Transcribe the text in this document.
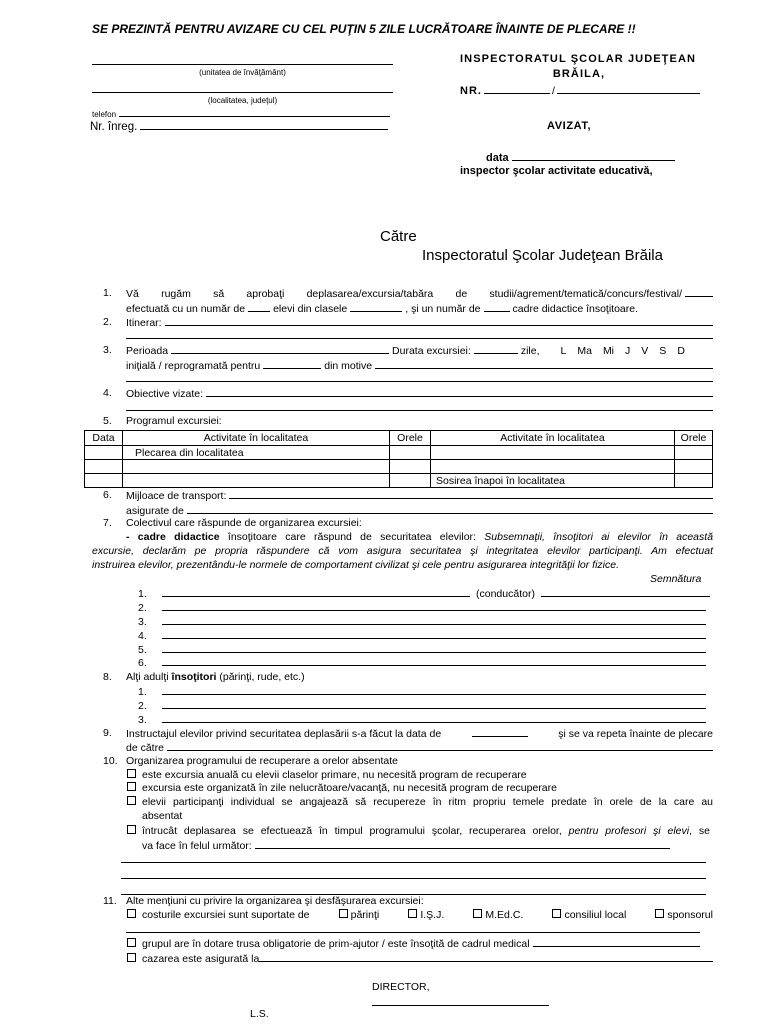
SE PREZINTĂ PENTRU AVIZARE CU CEL PUŢIN 5 ZILE LUCRĂTOARE ÎNAINTE DE PLECARE !!
(unitatea de învăţământ)
(localitatea, judeţul)
telefon
Nr. înreg.
INSPECTORATUL ŞCOLAR JUDEŢEAN
BRĂILA,
NR.	/
AVIZAT,
data
inspector şcolar activitate educativă,
Către
Inspectoratul Şcolar Judeţean Brăila
1. Vă rugăm să aprobaţi deplasarea/excursia/tabăra de studii/agrement/tematică/concurs/festival/
efectuată cu un număr de	elevi din clasele	, şi un număr de	cadre didactice însoţitoare.
2. Itinerar:
3. Perioada	Durata excursiei:	zile, L Ma Mi J V S D
iniţială / reprogramată pentru	din motive
4. Obiective vizate:
5. Programul excursiei:
Data	Activitate în localitatea	Orele	Activitate în localitatea	Orele
	Plecarea din localitatea			

			Sosirea înapoi în localitatea	
6. Mijloace de transport:
asigurate de
7. Colectivul care răspunde de organizarea excursiei:
- cadre didactice însoţitoare care răspund de securitatea elevilor: Subsemnaţii, însoţitori ai elevilor în această
excursie, declarăm pe propria răspundere că vom asigura securitatea şi integritatea elevilor participanţi. Am efectuat
instruirea elevilor, prezentându-le normele de comportament civilizat şi cele pentru asigurarea integrităţii lor fizice.
Semnătura
1.	(conducător)
2.
3.
4.
5.
6.
8. Alţi adulţi însoţitori (părinţi, rude, etc.)
1.
2.
3.
9. Instructajul elevilor privind securitatea deplasării s-a făcut la data de	şi se va repeta înainte de plecare
de către
10. Organizarea programului de recuperare a orelor absentate
este excursia anuală cu elevii claselor primare, nu necesită program de recuperare
excursia este organizată în zile nelucrătoare/vacanţă, nu necesită program de recuperare
elevii participanţi individual se angajează să recupereze în ritm propriu temele predate în orele de la care au
absentat
întrucât deplasarea se efectuează în timpul programului şcolar, recuperarea orelor, pentru profesori şi elevi, se
va face în felul următor:
11. Alte menţiuni cu privire la organizarea şi desfăşurarea excursiei:
costurile excursiei sunt suportate de	părinţi	I.Ş.J.	M.Ed.C.	consiliul local	sponsorul
grupul are în dotare trusa obligatorie de prim-ajutor / este însoţită de cadrul medical
cazarea este asigurată la
DIRECTOR,
L.S.
